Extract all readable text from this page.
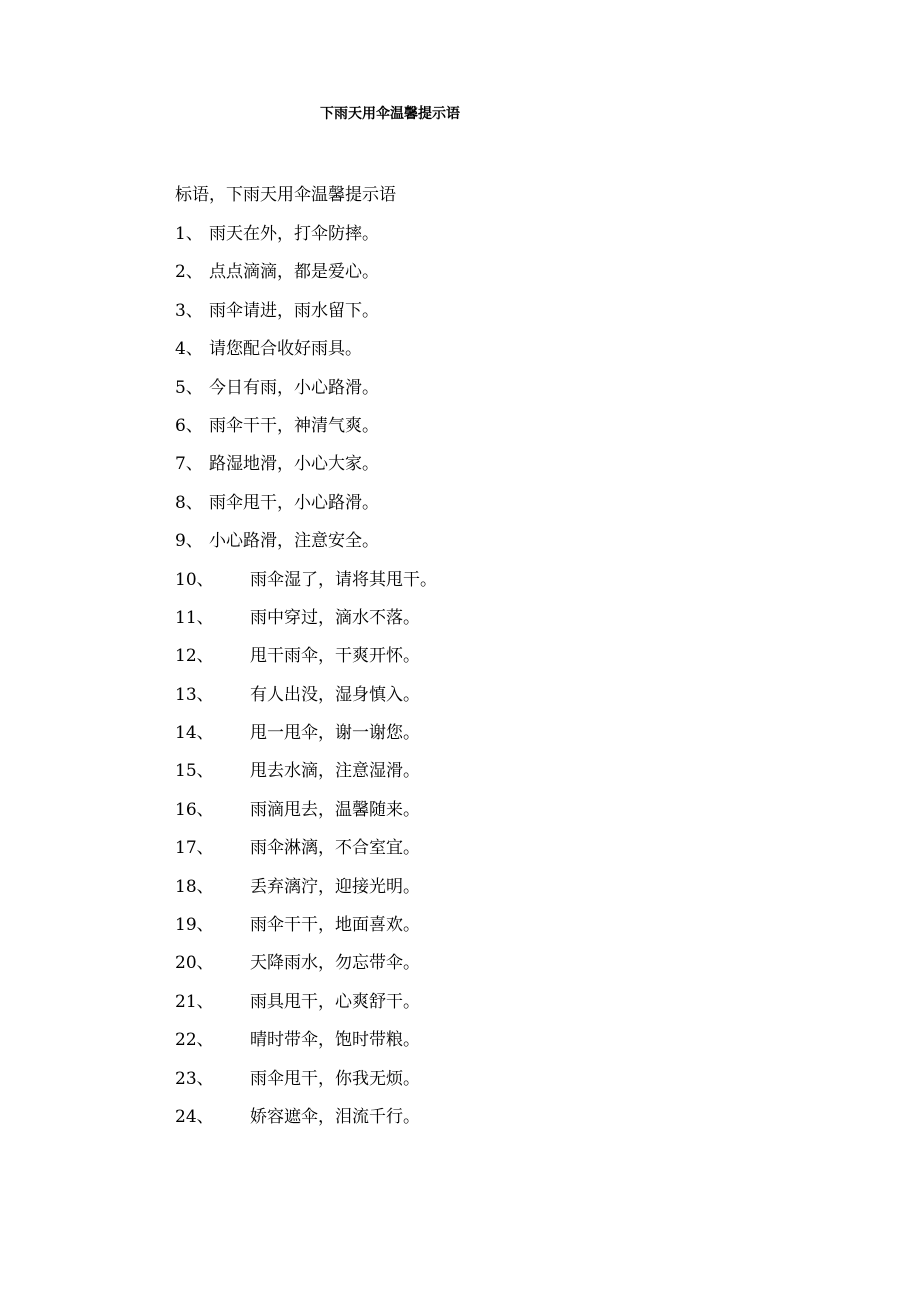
下雨天用伞温馨提示语
标语，下雨天用伞温馨提示语
1、 雨天在外，打伞防摔。
2、 点点滴滴，都是爱心。
3、 雨伞请进，雨水留下。
4、 请您配合收好雨具。
5、 今日有雨，小心路滑。
6、 雨伞干干，神清气爽。
7、 路湿地滑，小心大家。
8、 雨伞甩干，小心路滑。
9、 小心路滑，注意安全。
10、	雨伞湿了，请将其甩干。
11、	雨中穿过，滴水不落。
12、	甩干雨伞，干爽开怀。
13、	有人出没，湿身慎入。
14、	甩一甩伞，谢一谢您。
15、	甩去水滴，注意湿滑。
16、	雨滴甩去，温馨随来。
17、	雨伞淋漓，不合室宜。
18、	丢弃漓泞，迎接光明。
19、	雨伞干干，地面喜欢。
20、	天降雨水，勿忘带伞。
21、	雨具甩干，心爽舒干。
22、	晴时带伞，饱时带粮。
23、	雨伞甩干，你我无烦。
24、	娇容遮伞，泪流千行。
